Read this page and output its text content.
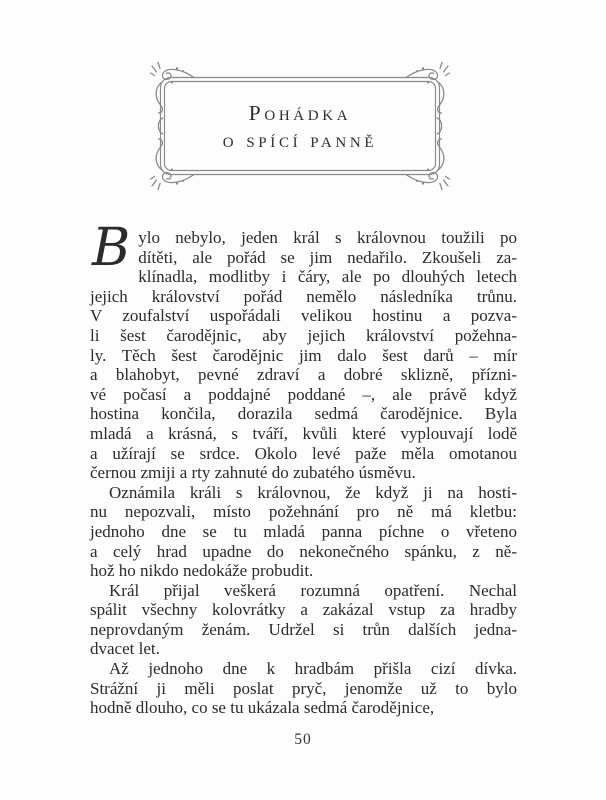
Pohádka
o spící panně
B ylo nebylo, jeden král s královnou toužili po
dítěti, ale pořád se jim nedařilo. Zkoušeli za-
klínadla, modlitby i čáry, ale po dlouhých letech
jejich království pořád nemělo následníka trůnu.
V zoufalství uspořádali velikou hostinu a pozva-
li šest čarodějnic, aby jejich království požehna-
ly. Těch šest čarodějnic jim dalo šest darů – mír
a blahobyt, pevné zdraví a dobré sklizně, přízni-
vé počasí a poddajné poddané –, ale právě když
hostina končila, dorazila sedmá čarodějnice. Byla
mladá a krásná, s tváří, kvůli které vyplouvají lodě
a užírají se srdce. Okolo levé paže měla omotanou
černou zmiji a rty zahnuté do zubatého úsměvu.
Oznámila králi s královnou, že když ji na hosti-
nu nepozvali, místo požehnání pro ně má kletbu:
jednoho dne se tu mladá panna píchne o vřeteno
a celý hrad upadne do nekonečného spánku, z ně-
hož ho nikdo nedokáže probudit.
Král přijal veškerá rozumná opatření. Nechal
spálit všechny kolovrátky a zakázal vstup za hradby
neprovdaným ženám. Udržel si trůn dalších jedna-
dvacet let.
Až jednoho dne k hradbám přišla cizí dívka.
Strážní ji měli poslat pryč, jenomže už to bylo
hodně dlouho, co se tu ukázala sedmá čarodějnice,
50
